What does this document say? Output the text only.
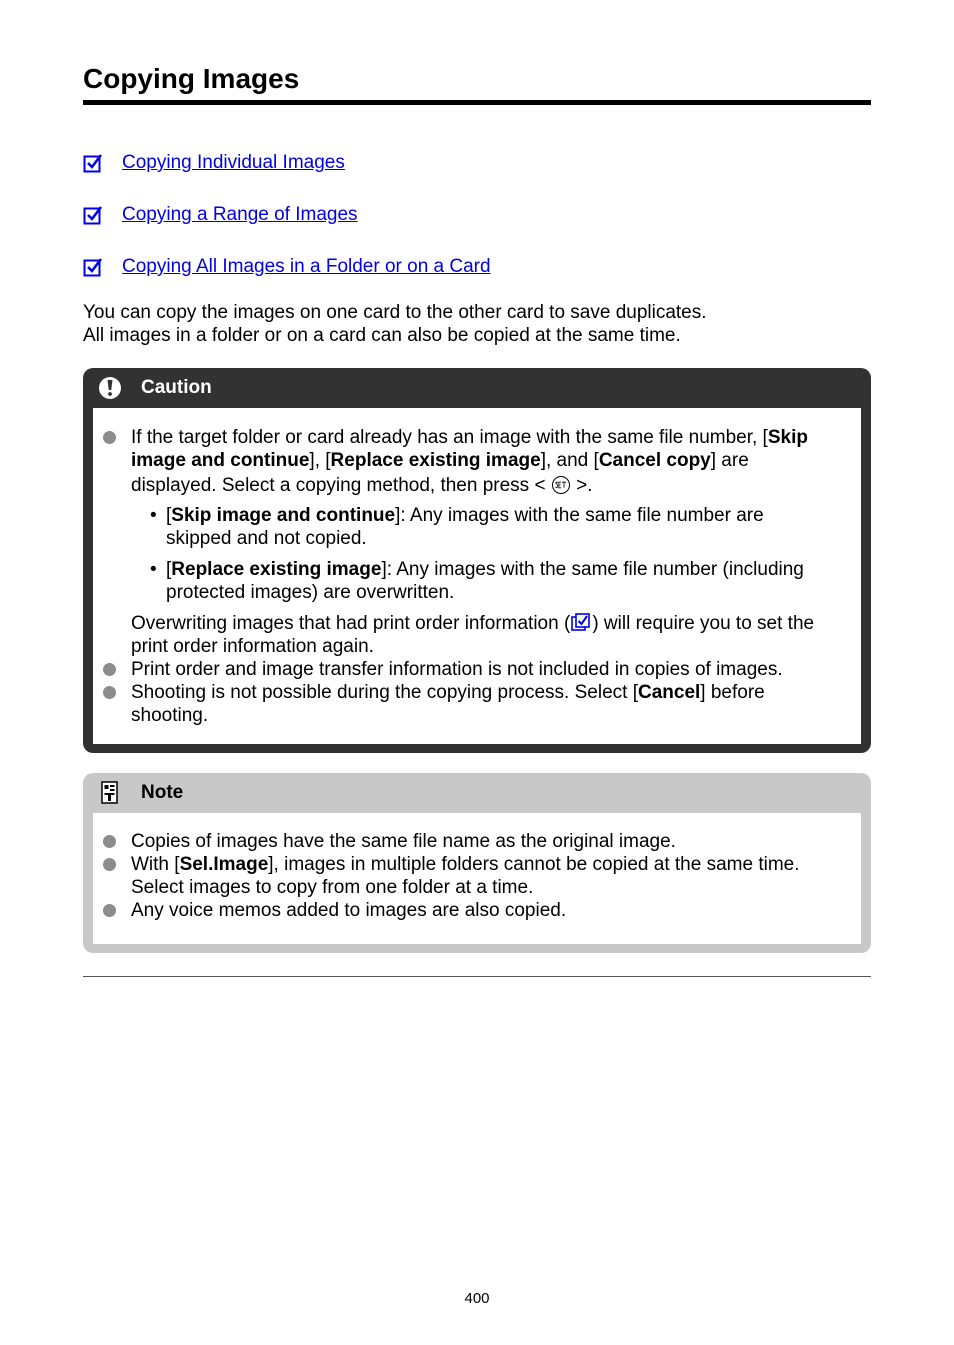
Copying Images
Copying Individual Images
Copying a Range of Images
Copying All Images in a Folder or on a Card

You can copy the images on one card to the other card to save duplicates.

All images in a folder or on a card can also be copied at the same time.

Caution
If the target folder or card already has an image with the same file number, [Skip
image and continue], [Replace existing image], and [Cancel copy] are
displayed. Select a copying method, then press <  >.
• [Skip image and continue]: Any images with the same file number are
skipped and not copied.
• [Replace existing image]: Any images with the same file number (including
protected images) are overwritten.
Overwriting images that had print order information ( ) will require you to set the
print order information again.
Print order and image transfer information is not included in copies of images.
Shooting is not possible during the copying process. Select [Cancel] before
shooting.
Note
Copies of images have the same file name as the original image.
With [Sel.Image], images in multiple folders cannot be copied at the same time.
Select images to copy from one folder at a time.
Any voice memos added to images are also copied.
400
